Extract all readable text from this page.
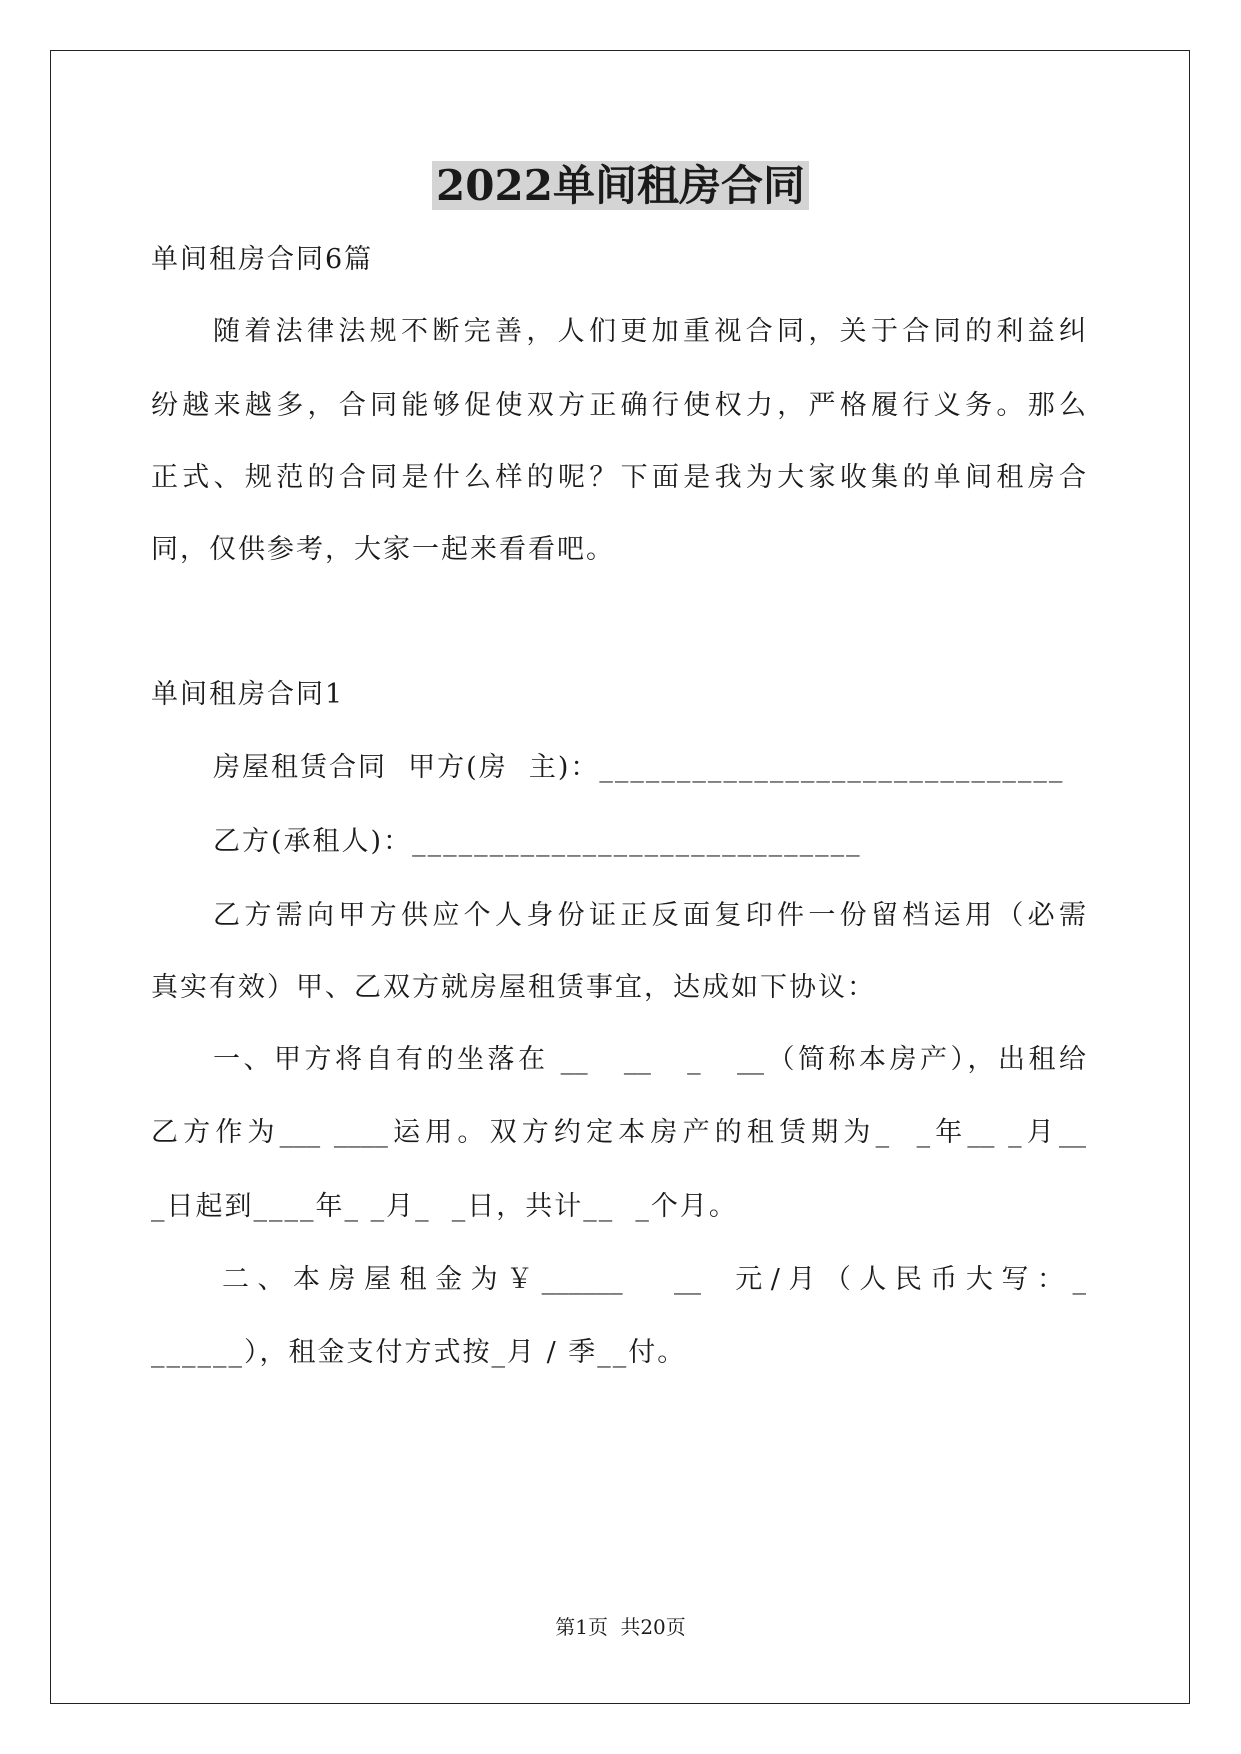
2022单间租房合同
单间租房合同6篇
随着法律法规不断完善，人们更加重视合同，关于合同的利益纠
纷越来越多，合同能够促使双方正确行使权力，严格履行义务。那么
正式、规范的合同是什么样的呢？下面是我为大家收集的单间租房合
同，仅供参考，大家一起来看看吧。
单间租房合同1
房屋租赁合同  甲方(房  主)：______________________________
乙方(承租人)：_____________________________
乙方需向甲方供应个人身份证正反面复印件一份留档运用（必需
真实有效）甲、乙双方就房屋租赁事宜，达成如下协议：
一、甲方将自有的坐落在 __   __   _   __（简称本房产），出租给
乙方作为___ ____运用。双方约定本房产的租赁期为_  _年__ _月__
_日起到____年_ _月_  _日，共计__  _个月。
二、本房屋租金为￥______   __  元/月（人民币大写：_
______），租金支付方式按_月 / 季__付。
第1页 共20页
